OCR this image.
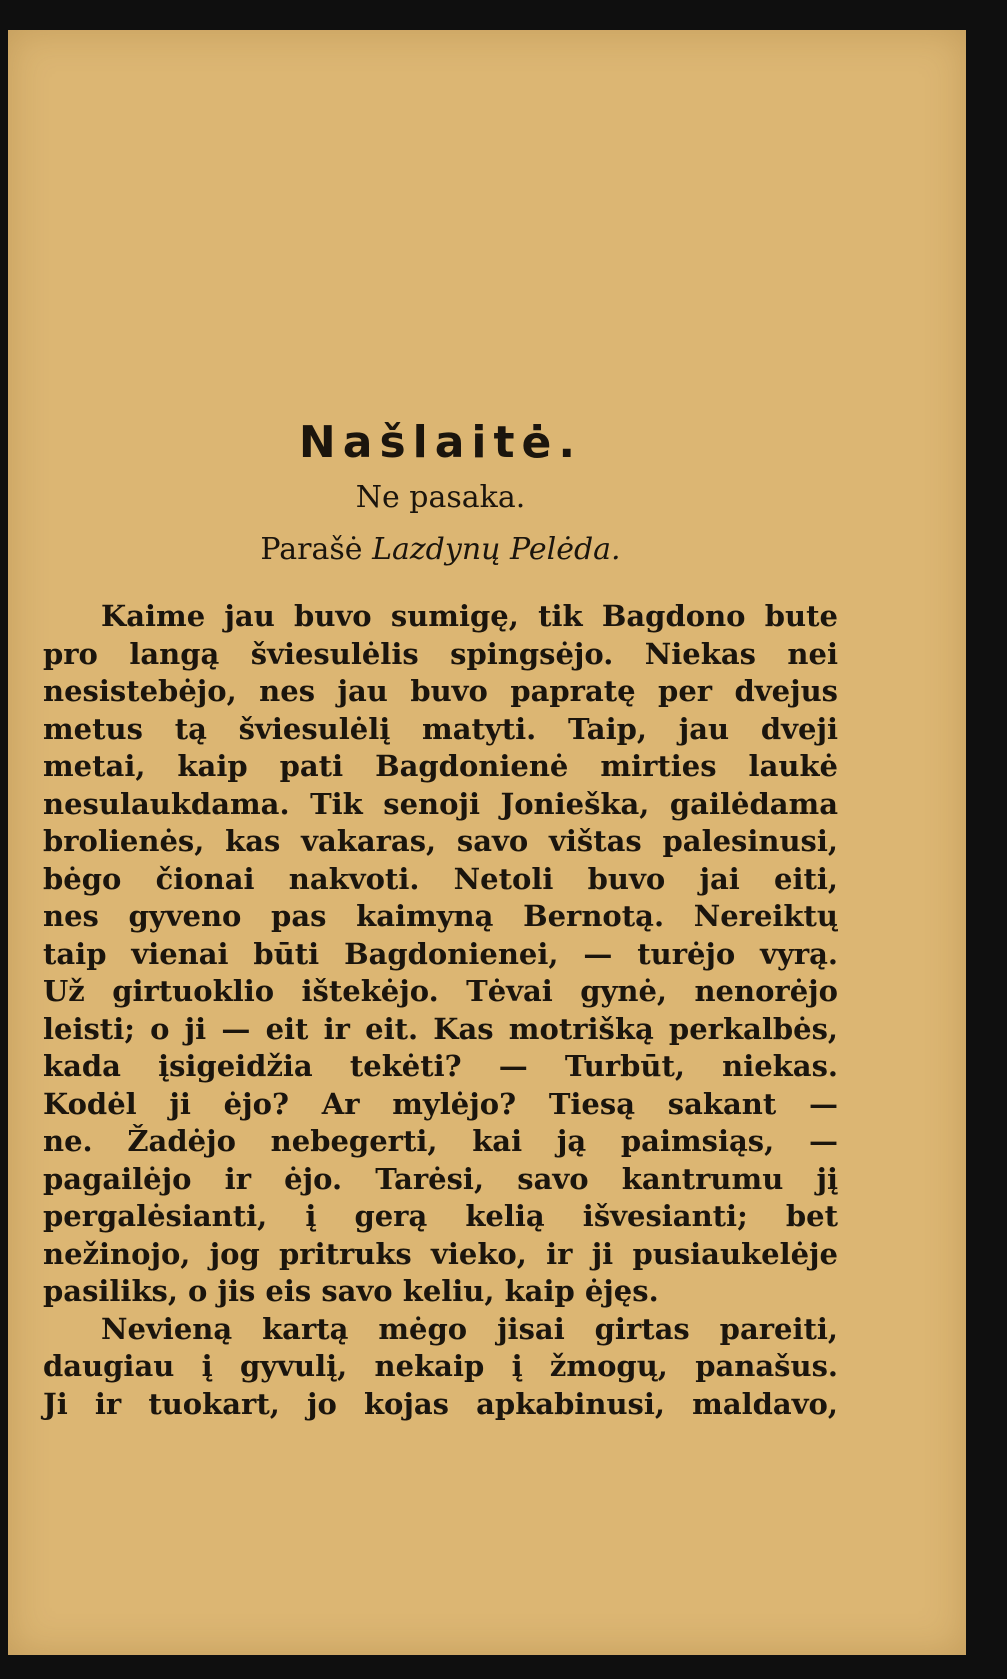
Našlaitė.

Ne pasaka.

Parašė Lazdynų Pelėda.

Kaime jau buvo sumigę, tik Bagdono bute
pro langą šviesulėlis spingsėjo. Niekas nei
nesistebėjo, nes jau buvo papratę per dvejus
metus tą šviesulėlį matyti. Taip, jau dveji
metai, kaip pati Bagdonienė mirties laukė
nesulaukdama. Tik senoji Jonieška, gailėdama
brolienės, kas vakaras, savo vištas palesinusi,
bėgo čionai nakvoti. Netoli buvo jai eiti,
nes gyveno pas kaimyną Bernotą. Nereiktų
taip vienai būti Bagdonienei, — turėjo vyrą.
Už girtuoklio ištekėjo. Tėvai gynė, nenorėjo
leisti; o ji — eit ir eit. Kas motrišką perkalbės,
kada įsigeidžia tekėti? — Turbūt, niekas.
Kodėl ji ėjo? Ar mylėjo? Tiesą sakant —
ne. Žadėjo nebegerti, kai ją paimsiąs, —
pagailėjo ir ėjo. Tarėsi, savo kantrumu jį
pergalėsianti, į gerą kelią išvesianti; bet
nežinojo, jog pritruks vieko, ir ji pusiaukelėje
pasiliks, o jis eis savo keliu, kaip ėjęs.
Nevieną kartą mėgo jisai girtas pareiti,
daugiau į gyvulį, nekaip į žmogų, panašus.
Ji ir tuokart, jo kojas apkabinusi, maldavo,
